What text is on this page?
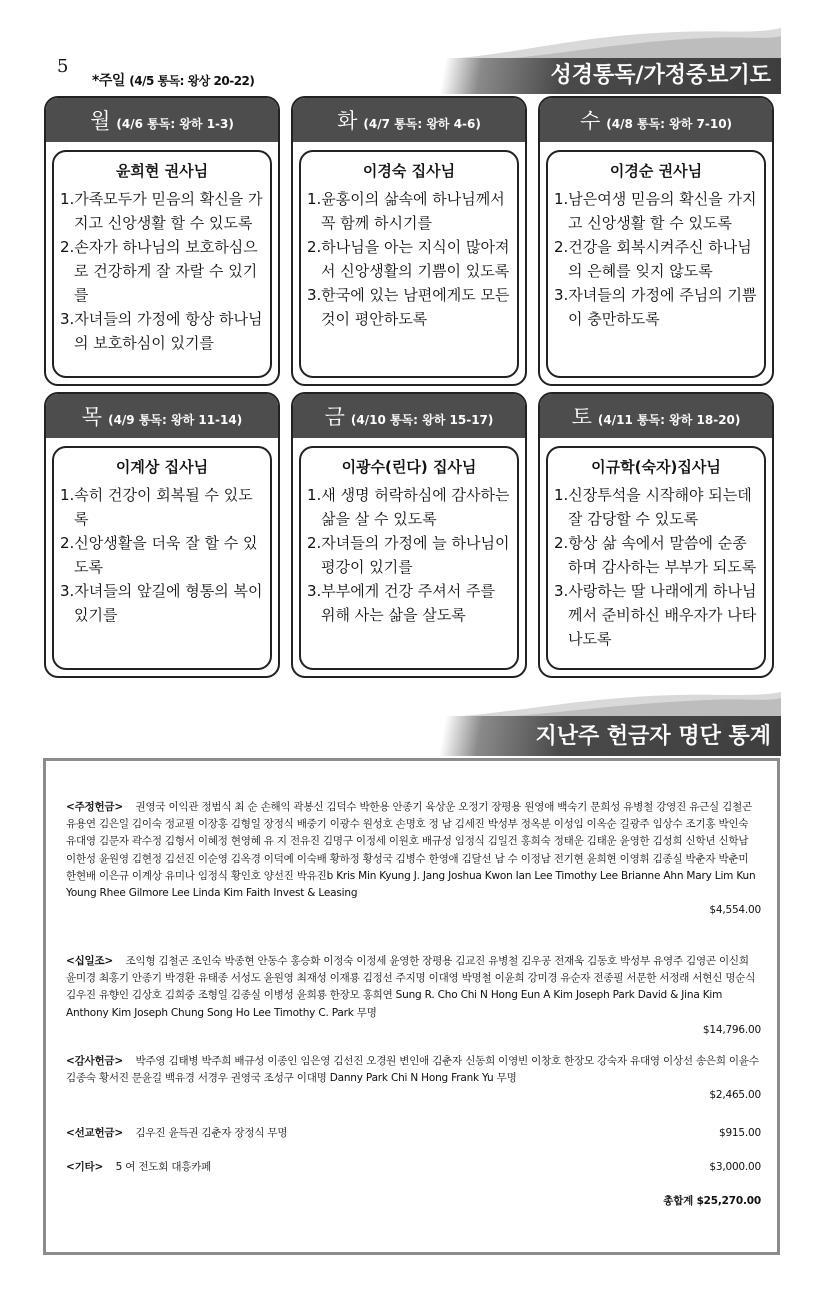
5
*주일 (4/5 통독: 왕상 20-22)	성경통독/가정중보기도
월 (4/6 통독: 왕하 1-3)
윤희현 권사님
1.가족모두가 믿음의 확신을 가지고 신앙생활 할 수 있도록
2.손자가 하나님의 보호하심으로 건강하게 잘 자랄 수 있기를
3.자녀들의 가정에 항상 하나님의 보호하심이 있기를
화 (4/7 통독: 왕하 4-6)
이경숙 집사님
1.윤홍이의 삶속에 하나님께서 꼭 함께 하시기를
2.하나님을 아는 지식이 많아져서 신앙생활의 기쁨이 있도록
3.한국에 있는 남편에게도 모든 것이 평안하도록
수 (4/8 통독: 왕하 7-10)
이경순 권사님
1.남은여생 믿음의 확신을 가지고 신앙생활 할 수 있도록
2.건강을 회복시켜주신 하나님의 은혜를 잊지 않도록
3.자녀들의 가정에 주님의 기쁨이 충만하도록
목 (4/9 통독: 왕하 11-14)
이계상 집사님
1.속히 건강이 회복될 수 있도록
2.신앙생활을 더욱 잘 할 수 있도록
3.자녀들의 앞길에 형통의 복이 있기를
금 (4/10 통독: 왕하 15-17)
이광수(린다) 집사님
1.새 생명 허락하심에 감사하는 삶을 살 수 있도록
2.자녀들의 가정에 늘 하나님이 평강이 있기를
3.부부에게 건강 주셔서 주를 위해 사는 삶을 살도록
토 (4/11 통독: 왕하 18-20)
이규학(숙자)집사님
1.신장투석을 시작해야 되는데 잘 감당할 수 있도록
2.항상 삶 속에서 말씀에 순종하며 감사하는 부부가 되도록
3.사랑하는 딸 나래에게 하나님께서 준비하신 배우자가 나타나도록
지난주 헌금자 명단 통계
<주정헌금> 권영국 이익관 정범식 최 순 손해익 곽봉신 김덕수 박한용 안종기 육상운 오정기 장평용 원영애 백숙기 문희성 유병철 강영진 유근실 김철곤 유용연 김은일 김이숙 정교필 이장홍 김형일 장정식 배중기 이광수 원성호 손명호 정 남 김세진 박성부 정옥분 이성임 이옥순 길광주 임상수 조기홍 박인숙 유대영 김문자 곽수정 김형서 이혜정 현영혜 유 지 전유진 김명구 이정세 이원호 배규성 임정식 김일건 홍희숙 정태운 김태운 윤영한 김성희 신학년 신학남 이한성 윤원영 김현정 김선진 이순영 김옥경 이덕예 이숙배 황하정 황성국 김병수 한영애 김달선 남 수 이정남 전기현 윤희현 이영휘 김종실 박춘자 박춘미 한현배 이은규 이계상 유미나 임정식 황인호 양선진 박유진b Kris Min Kyung J. Jang Joshua Kwon Ian Lee Timothy Lee Brianne Ahn Mary Lim Kun Young Rhee Gilmore Lee Linda Kim Faith Invest & Leasing
$4,554.00
<십일조> 조익형 김철곤 조인숙 박종현 안동수 홍승화 이정숙 이정세 윤영한 장평용 김교진 유병철 김우공 전재욱 김동호 박성부 유영주 김영곤 이신희 윤미경 최홍기 안종기 박경환 유태종 서성도 윤원영 최재성 이재룡 김정선 주지명 이대영 박명철 이윤희 강미경 유순자 전종필 서문한 서정래 서현신 명순식 김우진 유향인 김상호 김희중 조형일 김종실 이병성 윤희룡 한장모 홍희연 Sung R. Cho Chi N Hong Eun A Kim Joseph Park David & Jina Kim Anthony Kim Joseph Chung Song Ho Lee Timothy C. Park 무명
$14,796.00
<감사헌금> 박주영 김태병 박주희 배규성 이종인 임은영 김선진 오경원 변인애 김춘자 신동희 이영빈 이창호 한장모 강숙자 유대영 이상선 송은희 이윤수 김종숙 황서진 문윤길 백유경 서경우 권영국 조성구 이대명 Danny Park Chi N Hong Frank Yu 무명
$2,465.00
<선교헌금> 김우진 윤득권 김춘자 장정식 무명	$915.00
<기타> 5 여 전도회 대흥카페	$3,000.00
총합계 $25,270.00
